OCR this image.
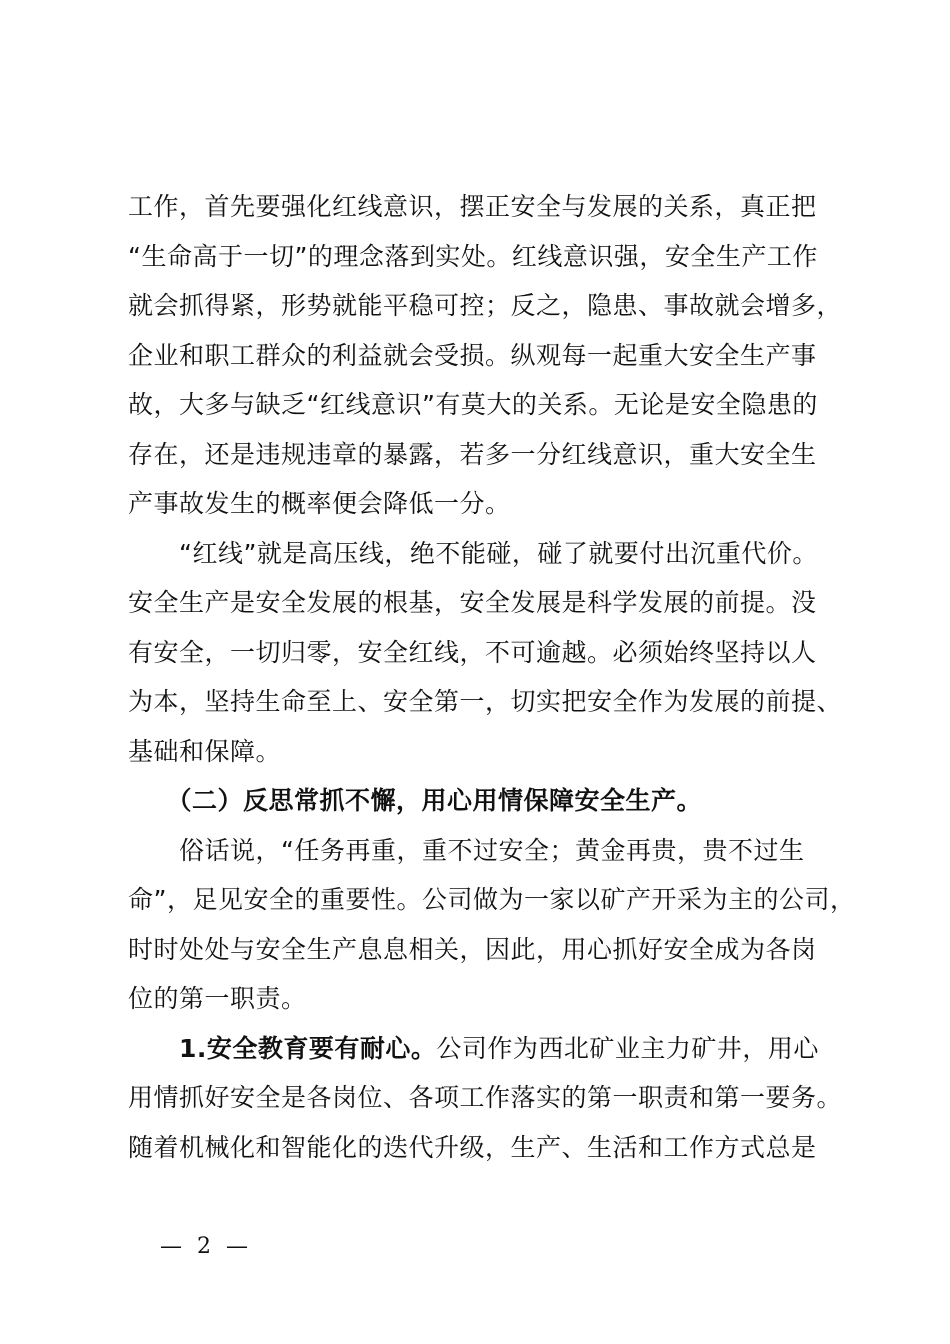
工作，首先要强化红线意识，摆正安全与发展的关系，真正把
“生命高于一切”的理念落到实处。红线意识强，安全生产工作
就会抓得紧，形势就能平稳可控；反之，隐患、事故就会增多，
企业和职工群众的利益就会受损。纵观每一起重大安全生产事
故，大多与缺乏“红线意识”有莫大的关系。无论是安全隐患的
存在，还是违规违章的暴露，若多一分红线意识，重大安全生
产事故发生的概率便会降低一分。
　　“红线”就是高压线，绝不能碰，碰了就要付出沉重代价。
安全生产是安全发展的根基，安全发展是科学发展的前提。没
有安全，一切归零，安全红线，不可逾越。必须始终坚持以人
为本，坚持生命至上、安全第一，切实把安全作为发展的前提、
基础和保障。
　　（二）反思常抓不懈，用心用情保障安全生产。
　　俗话说，“任务再重，重不过安全；黄金再贵，贵不过生
命”，足见安全的重要性。公司做为一家以矿产开采为主的公司，
时时处处与安全生产息息相关，因此，用心抓好安全成为各岗
位的第一职责。
　　1.安全教育要有耐心。公司作为西北矿业主力矿井，用心
用情抓好安全是各岗位、各项工作落实的第一职责和第一要务。
随着机械化和智能化的迭代升级，生产、生活和工作方式总是
— 2 —
